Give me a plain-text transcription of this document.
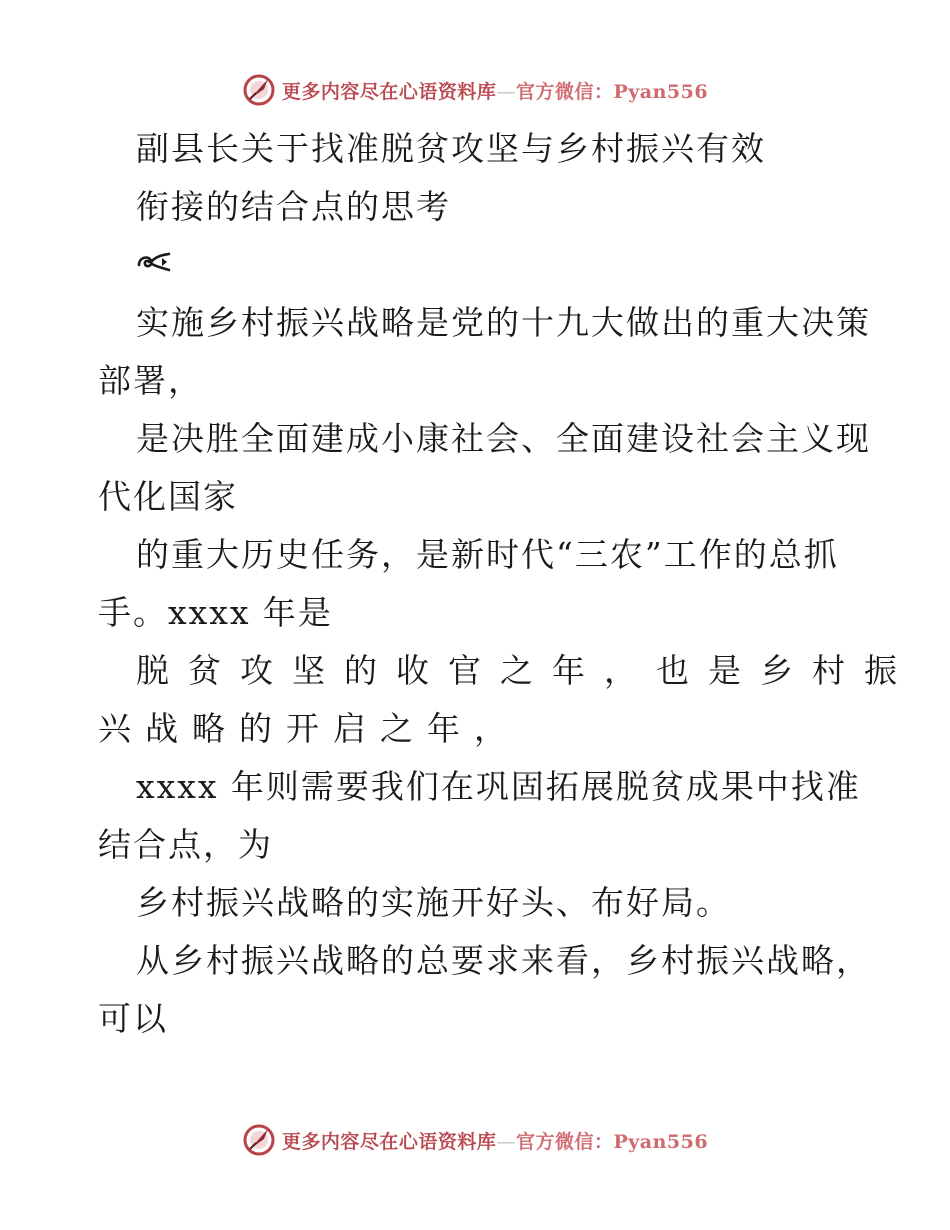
更多内容尽在心语资料库—官方微信：Pyan556
副县长关于找准脱贫攻坚与乡村振兴有效
衔接的结合点的思考
实施乡村振兴战略是党的十九大做出的重大决策
部署，
是决胜全面建成小康社会、全面建设社会主义现
代化国家
的重大历史任务，是新时代“三农”工作的总抓
手。xxxx 年是
脱贫攻坚的收官之年，也是乡村振
兴战略的开启之年，
xxxx 年则需要我们在巩固拓展脱贫成果中找准
结合点，为
乡村振兴战略的实施开好头、布好局。
从乡村振兴战略的总要求来看，乡村振兴战略，
可以
更多内容尽在心语资料库—官方微信：Pyan556
